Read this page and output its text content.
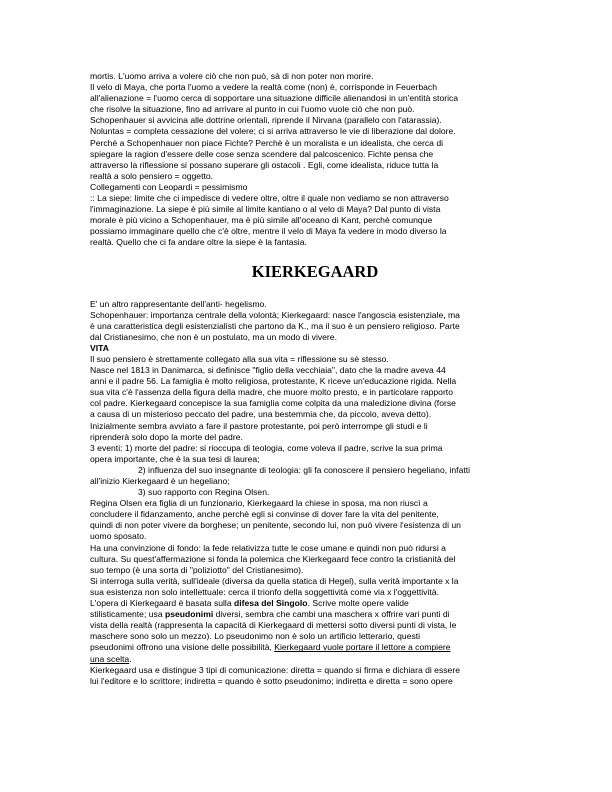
mortis. L'uomo arriva a volere ciò che non può, sà di non poter non morire.
Il velo di Maya, che porta l'uomo a vedere la realtà come (non) è, corrisponde in Feuerbach
all'alienazione = l'uomo cerca di sopportare una situazione difficile alienandosi in un'entità storica
che risolve la situazione, fino ad arrivare al punto in cui l'uomo vuole ciò che non può.
Schopenhauer si avvicina alle dottrine orientali, riprende il Nirvana (parallelo con l'atarassia).
Noluntas = completa cessazione del volere; ci si arriva attraverso le vie di liberazione dal dolore.
Perchè a Schopenhauer non piace Fichte? Perchè è un moralista e un idealista, che cerca di
spiegare la ragion d'essere delle cose senza scendere dal palcoscenico. Fichte pensa che
attraverso la riflessione si possano superare gli ostacoli . Egli, come idealista, riduce tutta la
realtà a solo pensiero = oggetto.
Collegamenti con Leopardi = pessimismo
:: La siepe: limite che ci impedisce di vedere oltre, oltre il quale non vediamo se non attraverso
l'immaginazione. La siepe è più simile al limite kantiano o al velo di Maya? Dal punto di vista
morale è più vicino a Schopenhauer, ma è più simile all'oceano di Kant, perchè comunque
possiamo immaginare quello che c'è oltre, mentre il velo di Maya fa vedere in modo diverso la
realtà. Quello che ci fa andare oltre la siepe è la fantasia.
KIERKEGAARD
E' un altro rappresentante dell'anti- hegelismo.
Schopenhauer: importanza centrale della volontà; Kierkegaard: nasce l'angoscia esistenziale, ma
è una caratteristica degli esistenzialisti che partono da K., ma il suo è un pensiero religioso. Parte
dal Cristianesimo, che non è un postulato, ma un modo di vivere.
VITA
Il suo pensiero è strettamente collegato alla sua vita = riflessione su sè stesso.
Nasce nel 1813 in Danimarca, si definisce "figlio della vecchiaia", dato che la madre aveva 44
anni e il padre 56. La famiglia è molto religiosa, protestante, K riceve un'educazione rigida. Nella
sua vita c'è l'assenza della figura della madre, che muore molto presto, e in particolare rapporto
col padre. Kierkegaard concepisce la sua famiglia come colpita da una maledizione divina (forse
a causa di un misterioso peccato del padre, una bestemmia che, da piccolo, aveva detto).
Inizialmente sembra avviato a fare il pastore protestante, poi però interrompe gli studi e li
riprenderà solo dopo la morte del padre.
3 eventi: 1) morte del padre: si rioccupa di teologia, come voleva il padre, scrive la sua prima
opera importante, che è la sua tesi di laurea;
2) influenza del suo insegnante di teologia: gli fa conoscere il pensiero hegeliano, infatti
all'inizio Kierkegaard è un hegeliano;
3) suo rapporto con Regina Olsen.
Regina Olsen era figlia di un funzionario, Kierkegaard la chiese in sposa, ma non riuscì a
concludere il fidanzamento, anche perchè egli si convinse di dover fare la vita del penitente,
quindi di non poter vivere da borghese; un penitente, secondo lui, non può vivere l'esistenza di un
uomo sposato.
Ha una convinzione di fondo: la fede relativizza tutte le cose umane e quindi non può ridursi a
cultura. Su quest'affermazione si fonda la polemica che Kierkegaard fece contro la cristianità del
suo tempo (è una sorta di "poliziotto" del Cristianesimo).
Si interroga sulla verità, sull'ideale (diversa da quella statica di Hegel), sulla verità importante x la
sua esistenza non solo intellettuale: cerca il trionfo della soggettività come via x l'oggettività.
L'opera di Kierkegaard è basata sulla difesa del Singolo. Scrive molte opere valide
stilisticamente; usa pseudonimi diversi, sembra che cambi una maschera x offrire vari punti di
vista della realtà (rappresenta la capacità di Kierkegaard di mettersi sotto diversi punti di vista, le
maschere sono solo un mezzo). Lo pseudonimo non è solo un artificio letterario, questi
pseudonimi offrono una visione delle possibilità, Kierkegaard vuole portare il lettore a compiere
una scelta.
Kierkegaard usa e distingue 3 tipi di comunicazione: diretta = quando si firma e dichiara di essere
lui l'editore e lo scrittore; indiretta = quando è sotto pseudonimo; indiretta e diretta = sono opere
